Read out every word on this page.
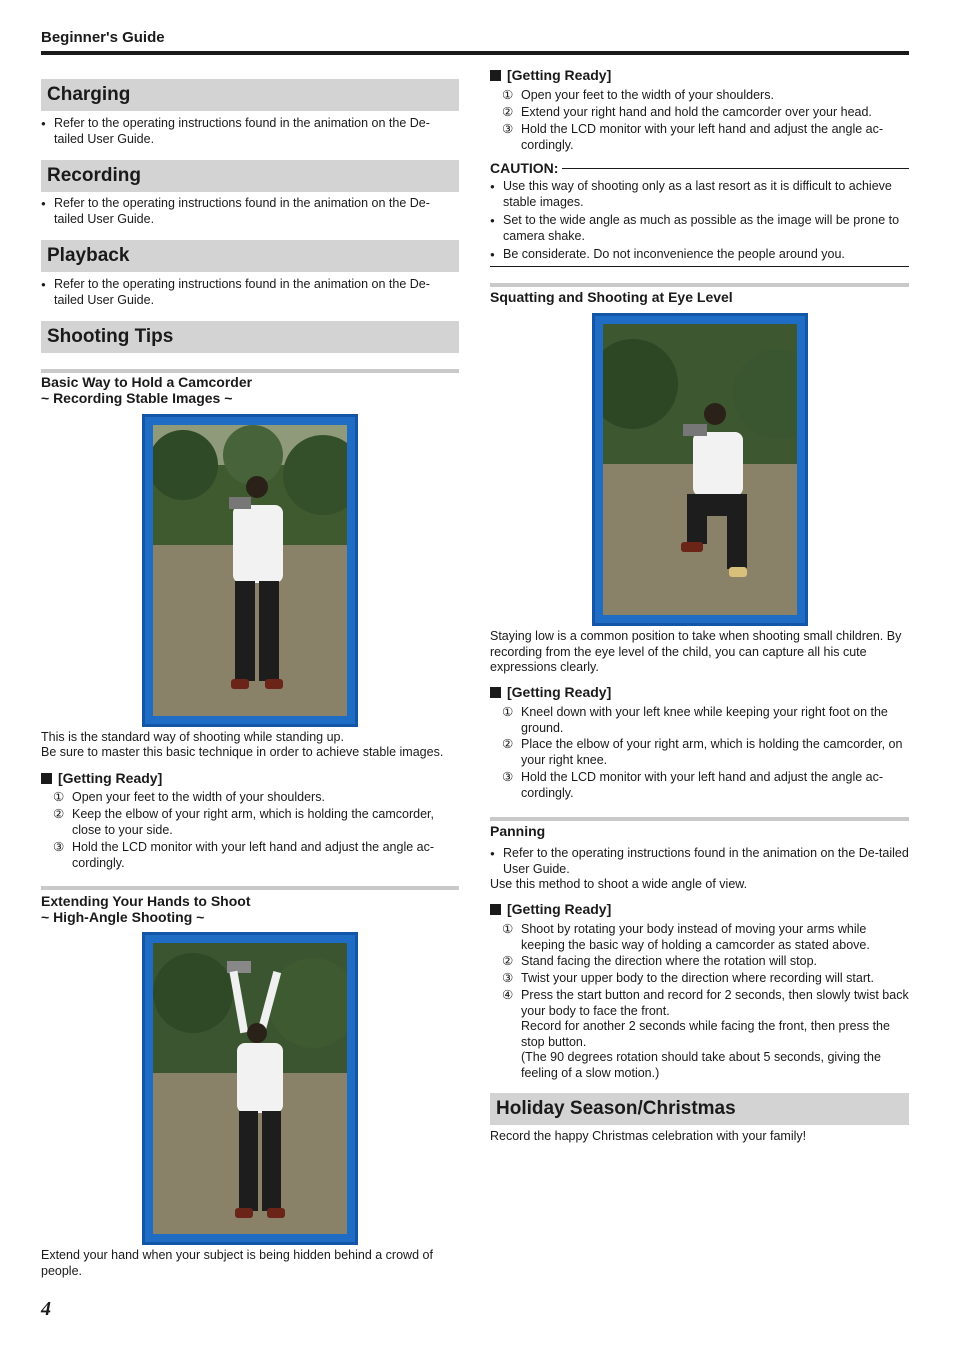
Beginner's Guide
Charging
● Refer to the operating instructions found in the animation on the De-tailed User Guide.
Recording
● Refer to the operating instructions found in the animation on the De-tailed User Guide.
Playback
● Refer to the operating instructions found in the animation on the De-tailed User Guide.
Shooting Tips
Basic Way to Hold a Camcorder
~ Recording Stable Images ~
This is the standard way of shooting while standing up.
Be sure to master this basic technique in order to achieve stable images.
[Getting Ready]
① Open your feet to the width of your shoulders.
② Keep the elbow of your right arm, which is holding the camcorder, close to your side.
③ Hold the LCD monitor with your left hand and adjust the angle ac-cordingly.
Extending Your Hands to Shoot
~ High-Angle Shooting ~
Extend your hand when your subject is being hidden behind a crowd of people.
[Getting Ready]
① Open your feet to the width of your shoulders.
② Extend your right hand and hold the camcorder over your head.
③ Hold the LCD monitor with your left hand and adjust the angle ac-cordingly.
CAUTION:
● Use this way of shooting only as a last resort as it is difficult to achieve stable images.
● Set to the wide angle as much as possible as the image will be prone to camera shake.
● Be considerate. Do not inconvenience the people around you.
Squatting and Shooting at Eye Level
Staying low is a common position to take when shooting small children. By recording from the eye level of the child, you can capture all his cute expressions clearly.
[Getting Ready]
① Kneel down with your left knee while keeping your right foot on the ground.
② Place the elbow of your right arm, which is holding the camcorder, on your right knee.
③ Hold the LCD monitor with your left hand and adjust the angle ac-cordingly.
Panning
● Refer to the operating instructions found in the animation on the De-tailed User Guide.
Use this method to shoot a wide angle of view.
[Getting Ready]
① Shoot by rotating your body instead of moving your arms while keeping the basic way of holding a camcorder as stated above.
② Stand facing the direction where the rotation will stop.
③ Twist your upper body to the direction where recording will start.
④ Press the start button and record for 2 seconds, then slowly twist back your body to face the front.
Record for another 2 seconds while facing the front, then press the stop button.
(The 90 degrees rotation should take about 5 seconds, giving the feeling of a slow motion.)
Holiday Season/Christmas
Record the happy Christmas celebration with your family!
4
